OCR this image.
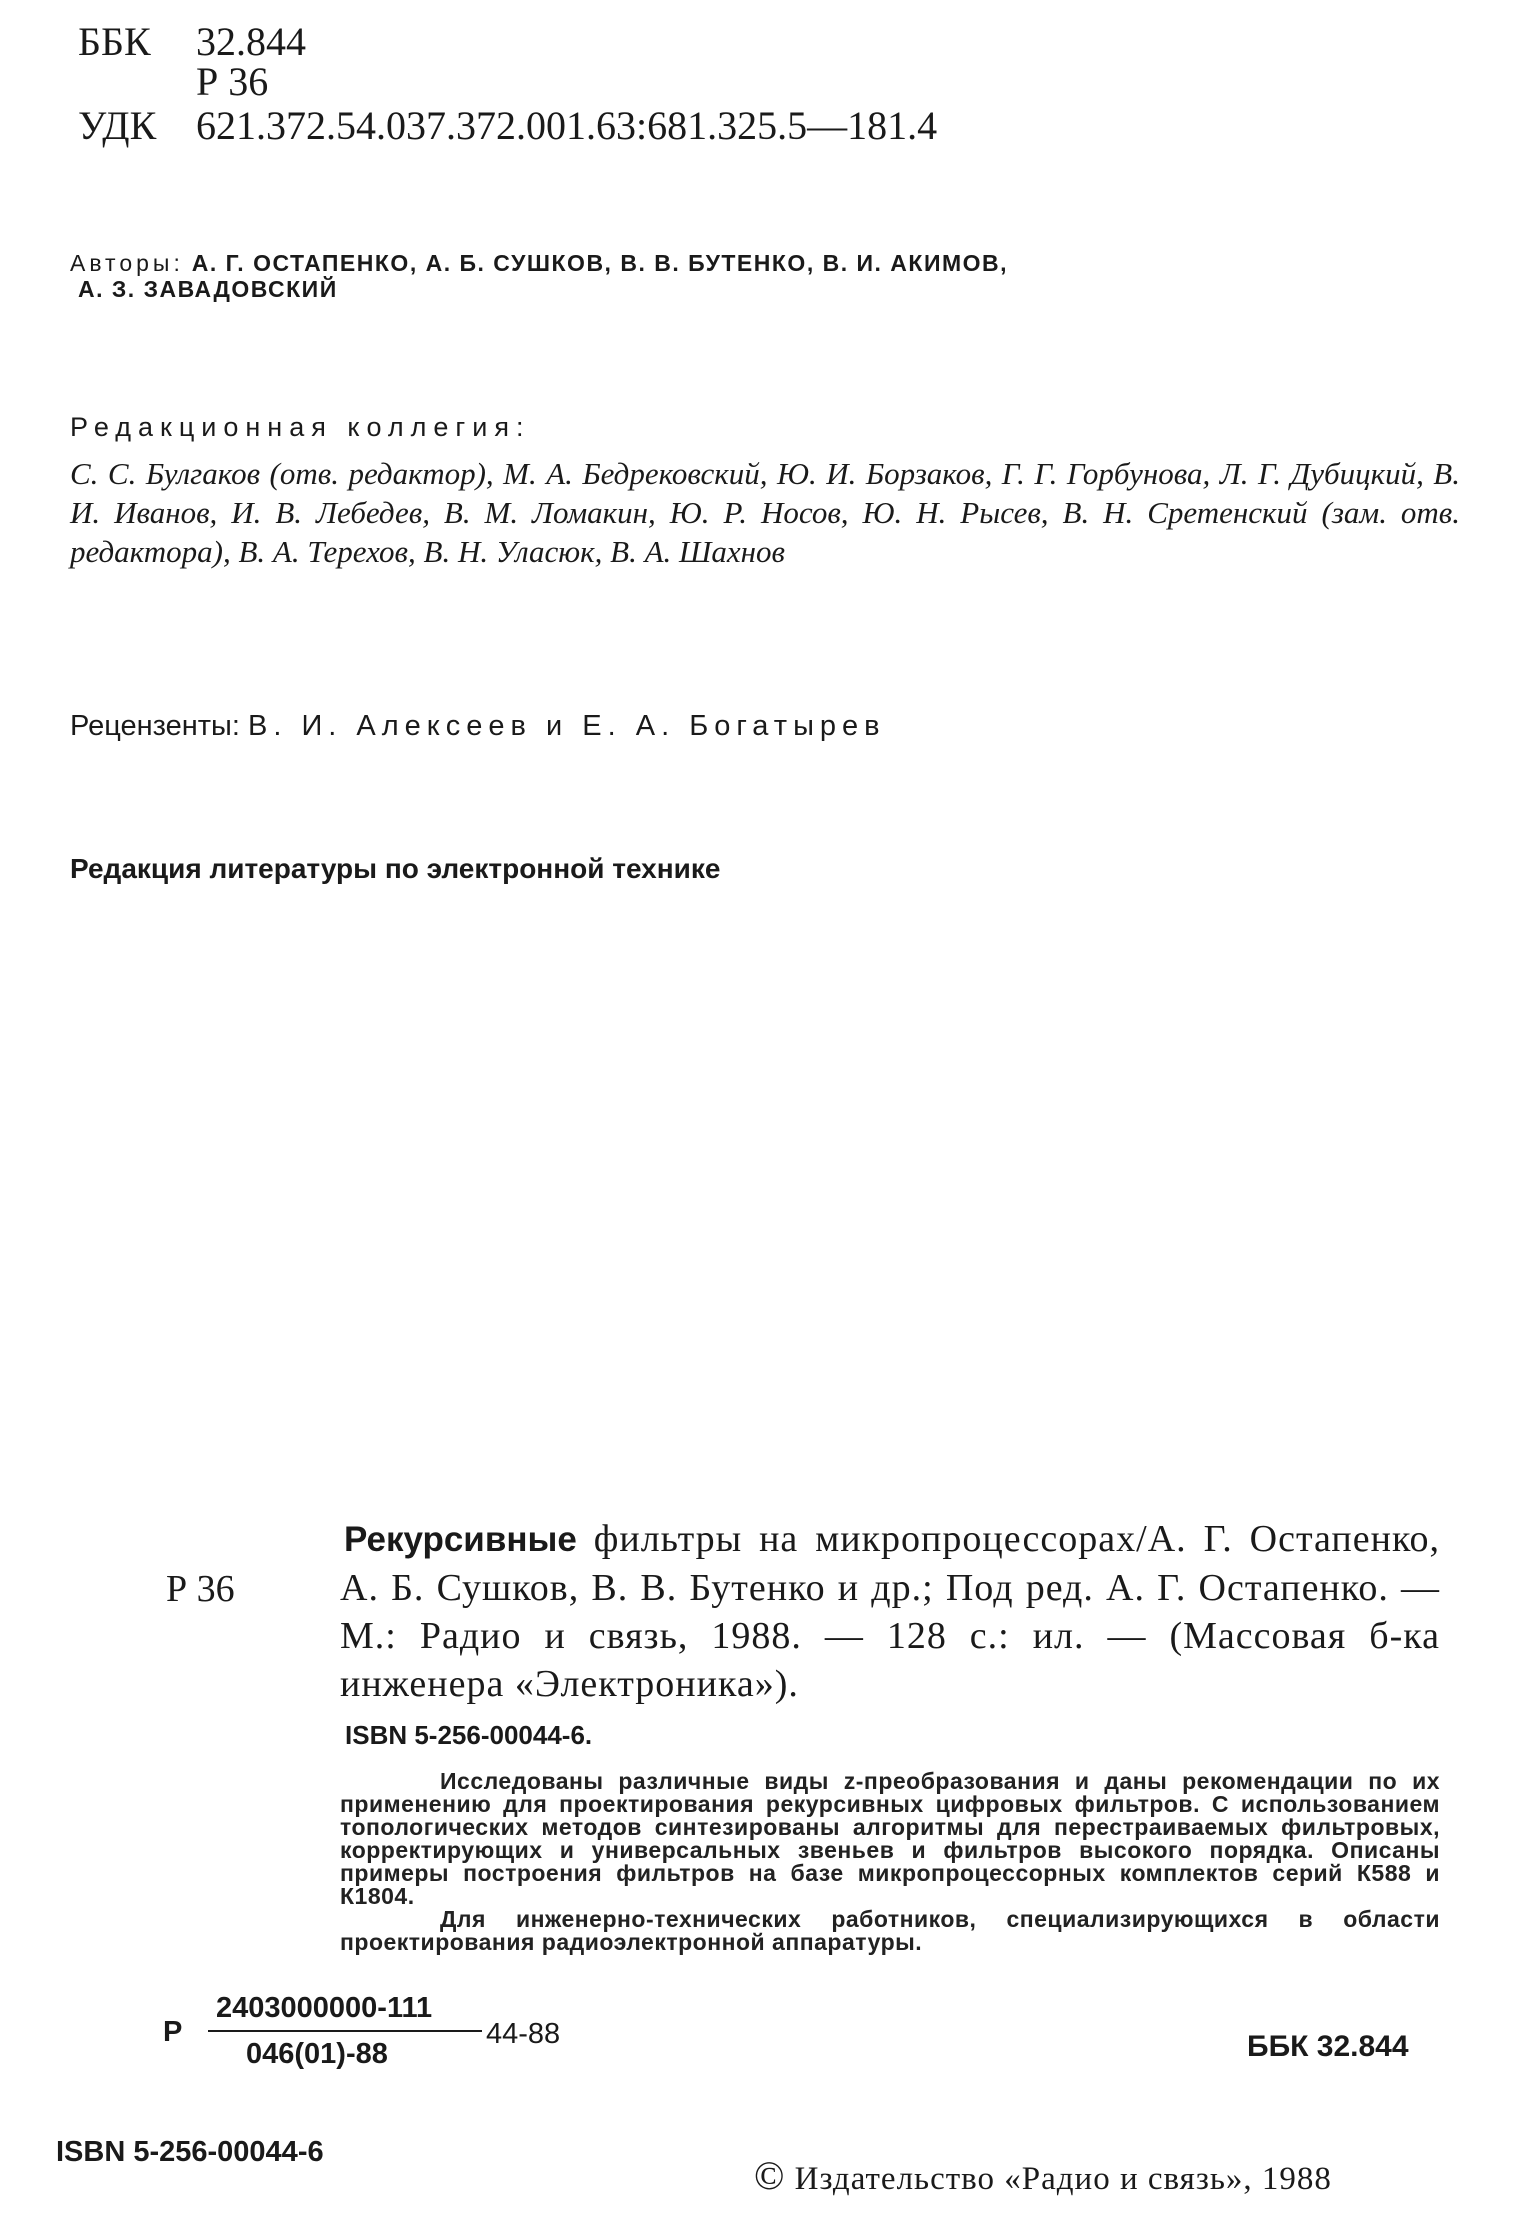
ББК 32.844
Р 36
УДК 621.372.54.037.372.001.63:681.325.5—181.4
Авторы: А. Г. ОСТАПЕНКО, А. Б. СУШКОВ, В. В. БУТЕНКО, В. И. АКИМОВ,
А. З. ЗАВАДОВСКИЙ
Редакционная коллегия:
С. С. Булгаков (отв. редактор), М. А. Бедрековский, Ю. И. Борзаков, Г. Г. Горбунова, Л. Г. Дубицкий, В. И. Иванов, И. В. Лебедев, В. М. Ломакин, Ю. Р. Носов, Ю. Н. Рысев, В. Н. Сретенский (зам. отв. редактора), В. А. Терехов, В. Н. Уласюк, В. А. Шахнов
Рецензенты: В. И. Алексеев и Е. А. Богатырев
Редакция литературы по электронной технике
Р 36
Рекурсивные фильтры на микропроцессорах/А. Г. Остапенко, А. Б. Сушков, В. В. Бутенко и др.; Под ред. А. Г. Остапенко. — М.: Радио и связь, 1988. — 128 с.: ил. — (Массовая б-ка инженера «Электроника»).
ISBN 5-256-00044-6.

Исследованы различные виды z-преобразования и даны рекомендации по их применению для проектирования рекурсивных цифровых фильтров. С использованием топологических методов синтезированы алгоритмы для перестраиваемых фильтровых, корректирующих и универсальных звеньев и фильтров высокого порядка. Описаны примеры построения фильтров на базе микропроцессорных комплектов серий К588 и К1804.

Для инженерно-технических работников, специализирующихся в области проектирования радиоэлектронной аппаратуры.

Р
2403000000-111
046(01)-88
44-88	ББК 32.844
ISBN 5-256-00044-6
© Издательство «Радио и связь», 1988
